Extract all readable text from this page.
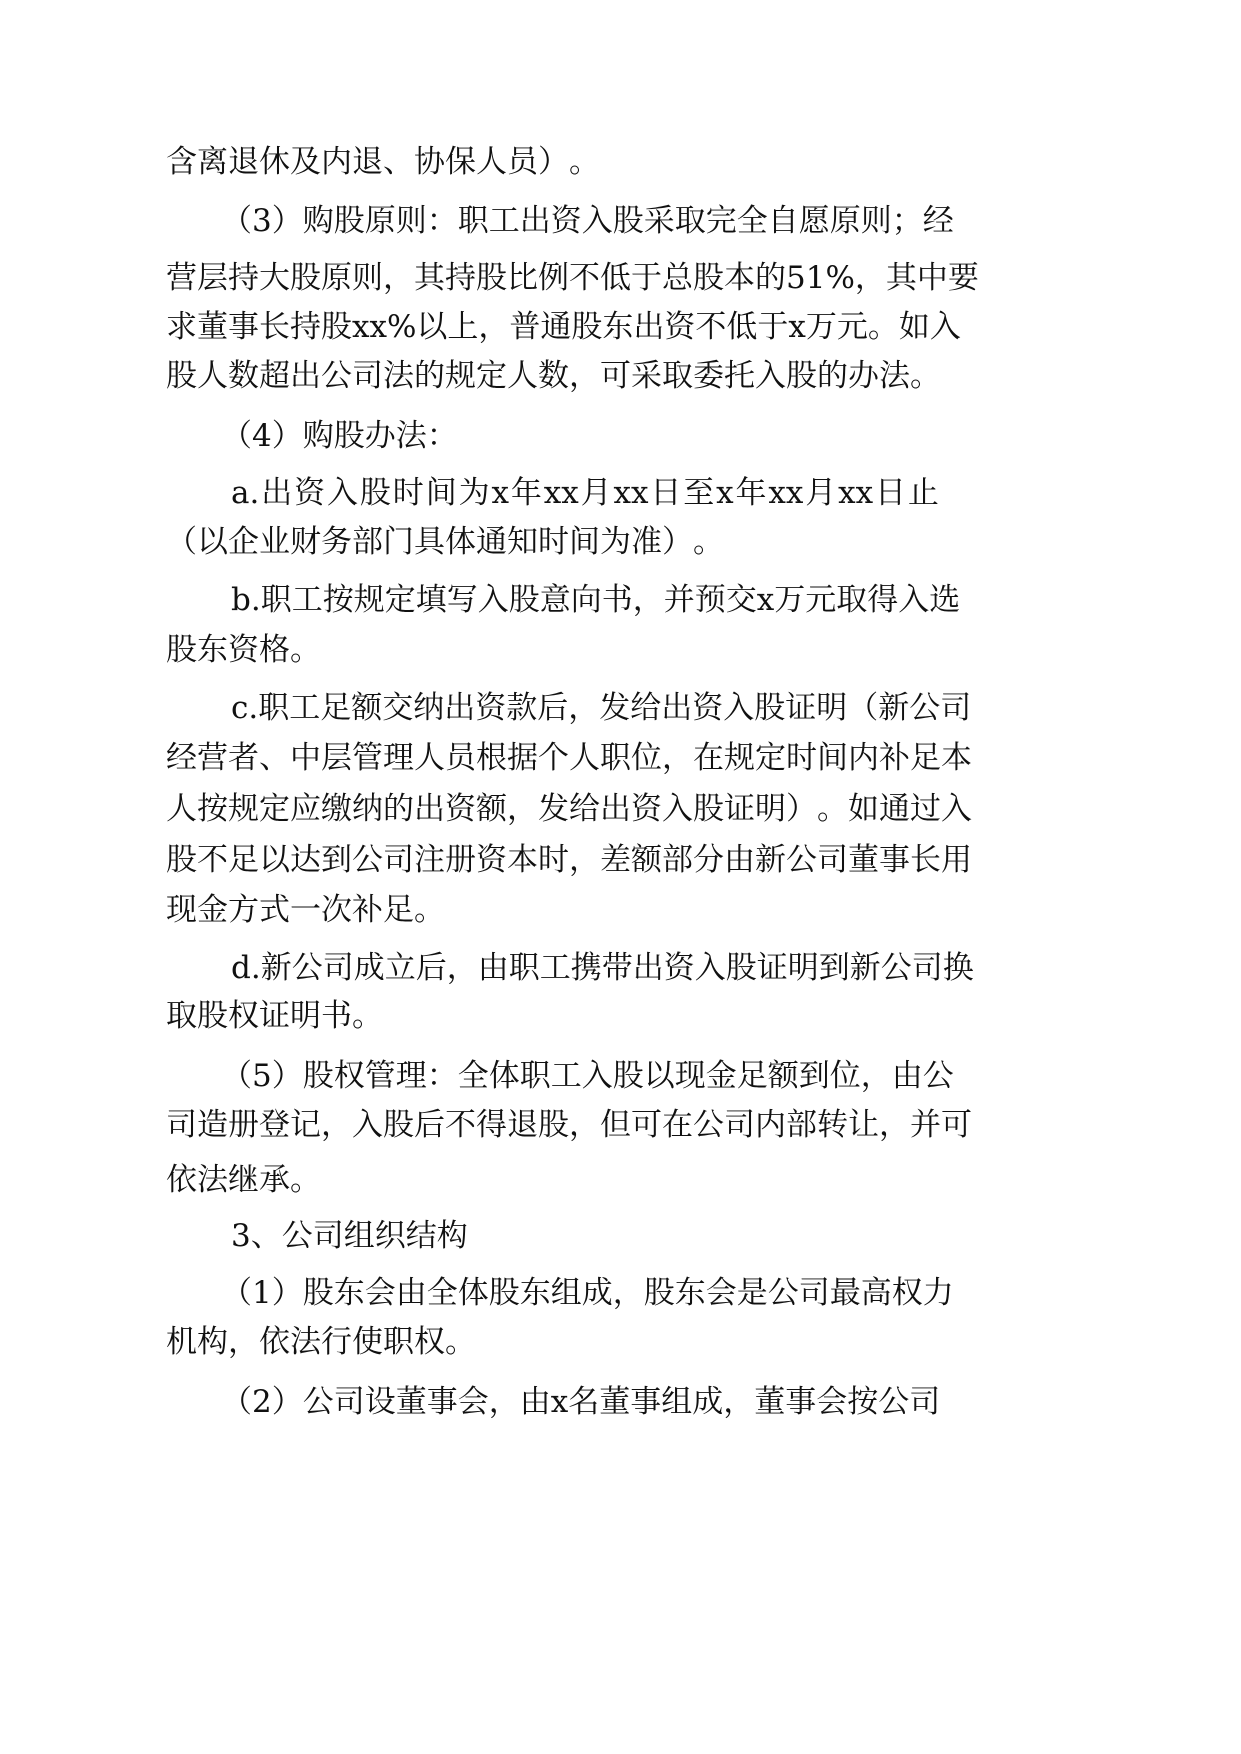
含 离 退 休 及 内 退 、 协 保 人 员 ） 。
（ 3 ） 购 股 原 则 ： 职 工 出 资 入 股 采 取 完 全 自 愿 原 则 ； 经
营 层 持 大 股 原 则 ， 其 持 股 比 例 不 低 于 总 股 本 的 51% ， 其 中 要
求 董 事 长 持 股 xx% 以 上 ， 普 通 股 东 出 资 不 低 于 x 万 元 。 如 入
股 人 数 超 出 公 司 法 的 规 定 人 数 ， 可 采 取 委 托 入 股 的 办 法 。
（ 4 ） 购 股 办 法 ：
a. 出 资 入 股 时 间 为 x 年 xx 月 xx 日 至 x 年 xx 月 xx 日 止
（ 以 企 业 财 务 部 门 具 体 通 知 时 间 为 准 ） 。
b. 职 工 按 规 定 填 写 入 股 意 向 书 ， 并 预 交 x 万 元 取 得 入 选
股 东 资 格 。
c. 职 工 足 额 交 纳 出 资 款 后 ， 发 给 出 资 入 股 证 明 （ 新 公 司
经 营 者 、 中 层 管 理 人 员 根 据 个 人 职 位 ， 在 规 定 时 间 内 补 足 本
人 按 规 定 应 缴 纳 的 出 资 额 ， 发 给 出 资 入 股 证 明 ） 。 如 通 过 入
股 不 足 以 达 到 公 司 注 册 资 本 时 ， 差 额 部 分 由 新 公 司 董 事 长 用
现 金 方 式 一 次 补 足 。
d. 新 公 司 成 立 后 ， 由 职 工 携 带 出 资 入 股 证 明 到 新 公 司 换
取 股 权 证 明 书 。
（ 5 ） 股 权 管 理 ： 全 体 职 工 入 股 以 现 金 足 额 到 位 ， 由 公
司 造 册 登 记 ， 入 股 后 不 得 退 股 ， 但 可 在 公 司 内 部 转 让 ， 并 可
依 法 继 承 。
3 、 公 司 组 织 结 构
（ 1 ） 股 东 会 由 全 体 股 东 组 成 ， 股 东 会 是 公 司 最 高 权 力
机 构 ， 依 法 行 使 职 权 。
（ 2 ） 公 司 设 董 事 会 ， 由 x 名 董 事 组 成 ， 董 事 会 按 公 司
